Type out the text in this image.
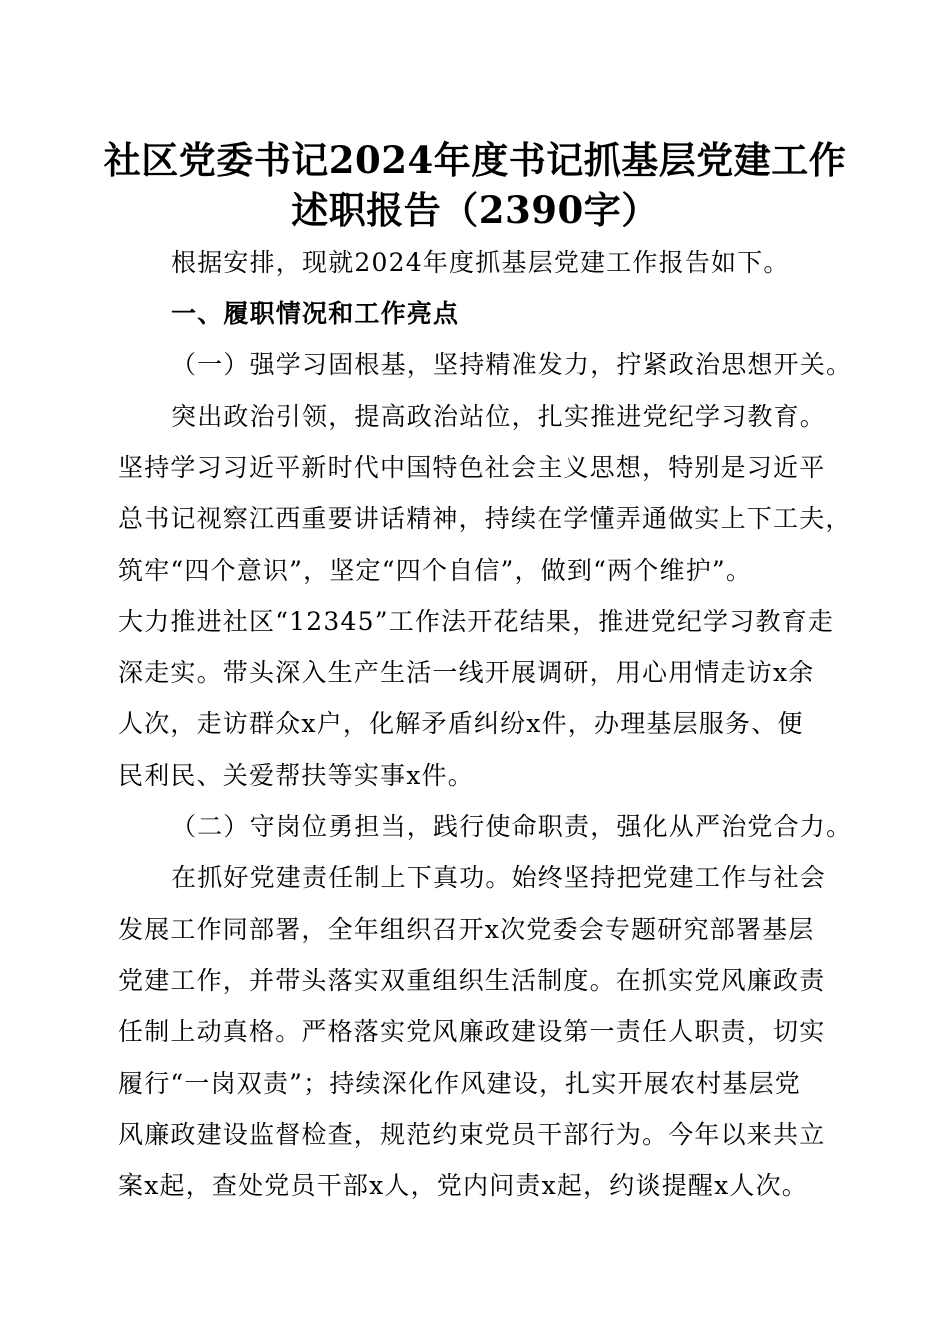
社区党委书记2024年度书记抓基层党建工作
述职报告（2390字）
根据安排，现就2024年度抓基层党建工作报告如下。
一、履职情况和工作亮点
（一）强学习固根基，坚持精准发力，拧紧政治思想开关。
突出政治引领，提高政治站位，扎实推进党纪学习教育。
坚持学习习近平新时代中国特色社会主义思想，特别是习近平
总书记视察江西重要讲话精神，持续在学懂弄通做实上下工夫，
筑牢“四个意识”，坚定“四个自信”，做到“两个维护”。
大力推进社区“12345”工作法开花结果，推进党纪学习教育走
深走实。带头深入生产生活一线开展调研，用心用情走访x余
人次，走访群众x户，化解矛盾纠纷x件，办理基层服务、便
民利民、关爱帮扶等实事x件。
（二）守岗位勇担当，践行使命职责，强化从严治党合力。
在抓好党建责任制上下真功。始终坚持把党建工作与社会
发展工作同部署，全年组织召开x次党委会专题研究部署基层
党建工作，并带头落实双重组织生活制度。在抓实党风廉政责
任制上动真格。严格落实党风廉政建设第一责任人职责，切实
履行“一岗双责”；持续深化作风建设，扎实开展农村基层党
风廉政建设监督检查，规范约束党员干部行为。今年以来共立
案x起，查处党员干部x人，党内问责x起，约谈提醒x人次。
